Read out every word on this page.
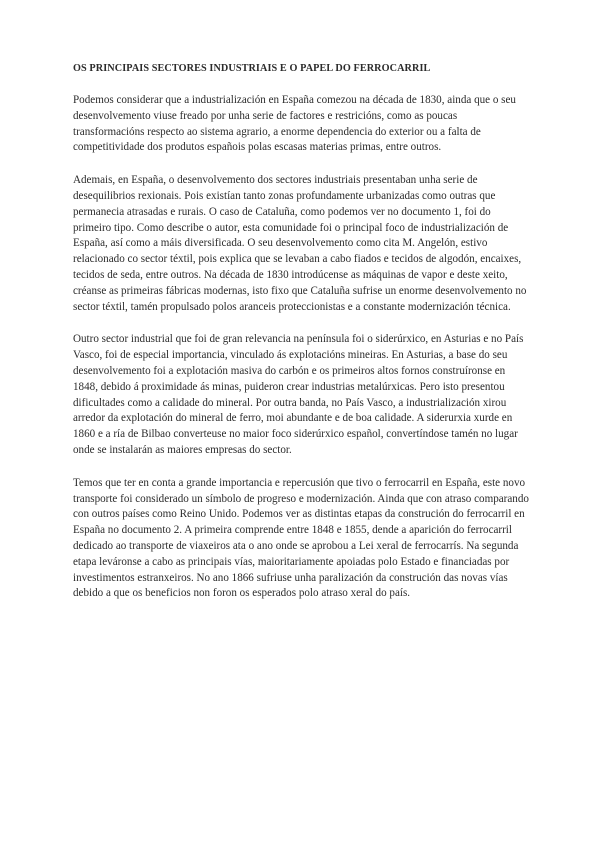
OS PRINCIPAIS SECTORES INDUSTRIAIS E O PAPEL DO FERROCARRIL

Podemos considerar que a industrialización en España comezou na década de 1830, ainda que o seu desenvolvemento viuse freado por unha serie de factores e restricións, como as poucas transformacións respecto ao sistema agrario, a enorme dependencia do exterior ou a falta de competitividade dos produtos españois polas escasas materias primas, entre outros.

Ademais, en España, o desenvolvemento dos sectores industriais presentaban unha serie de desequilibrios rexionais. Pois existían tanto zonas profundamente urbanizadas como outras que permanecia atrasadas e rurais. O caso de Cataluña, como podemos ver no documento 1, foi do primeiro tipo. Como describe o autor, esta comunidade foi o principal foco de industrialización de España, así como a máis diversificada. O seu desenvolvemento como cita M. Angelón, estivo relacionado co sector téxtil, pois explica que se levaban a cabo fiados e tecidos de algodón, encaixes, tecidos de seda, entre outros. Na década de 1830 introdúcense as máquinas de vapor e deste xeito, créanse as primeiras fábricas modernas, isto fixo que Cataluña sufrise un enorme desenvolvemento no sector téxtil, tamén propulsado polos aranceis proteccionistas e a constante modernización técnica.

Outro sector industrial que foi de gran relevancia na península foi o siderúrxico, en Asturias e no País Vasco, foi de especial importancia, vinculado ás explotacións mineiras. En Asturias, a base do seu desenvolvemento foi a explotación masiva do carbón e os primeiros altos fornos construíronse en 1848, debido á proximidade ás minas, puideron crear industrias metalúrxicas. Pero isto presentou dificultades como a calidade do mineral. Por outra banda, no País Vasco, a industrialización xirou arredor da explotación do mineral de ferro, moi abundante e de boa calidade. A siderurxia xurde en 1860 e a ría de Bilbao converteuse no maior foco siderúrxico español, convertíndose tamén no lugar onde se instalarán as maiores empresas do sector.

Temos que ter en conta a grande importancia e repercusión que tivo o ferrocarril en España, este novo transporte foi considerado un símbolo de progreso e modernización. Ainda que con atraso comparando con outros países como Reino Unido. Podemos ver as distintas etapas da construción do ferrocarril en España no documento 2. A primeira comprende entre 1848 e 1855, dende a aparición do ferrocarril dedicado ao transporte de viaxeiros ata o ano onde se aprobou a Lei xeral de ferrocarrís. Na segunda etapa leváronse a cabo as principais vías, maioritariamente apoiadas polo Estado e financiadas por investimentos estranxeiros. No ano 1866 sufriuse unha paralización da construción das novas vías debido a que os beneficios non foron os esperados polo atraso xeral do país.
